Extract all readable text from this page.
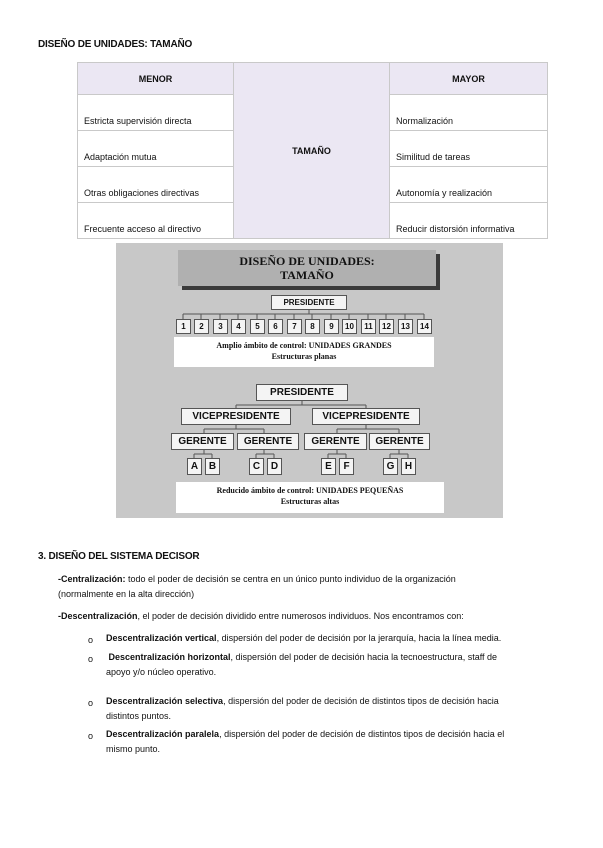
DISEÑO DE UNIDADES: TAMAÑO
MENOR	TAMAÑO	MAYOR
Estricta supervisión directa		Normalización
Adaptación mutua		Similitud de tareas
Otras obligaciones directivas		Autonomía y realización
Frecuente acceso al directivo		Reducir distorsión informativa
DISEÑO DE UNIDADES:
TAMAÑO
PRESIDENTE
1	2	3	4	5	6	7	8	9	10	11	12	13	14
Amplio ámbito de control: UNIDADES GRANDES
Estructuras planas
PRESIDENTE
VICEPRESIDENTE	VICEPRESIDENTE
GERENTE	GERENTE	GERENTE	GERENTE
A	B	C	D	E	F	G	H
Reducido ámbito de control: UNIDADES PEQUEÑAS
Estructuras altas
3. DISEÑO DEL SISTEMA DECISOR
-Centralización: todo el poder de decisión se centra en un único punto individuo de la organización
(normalmente en la alta dirección)
-Descentralización, el poder de decisión dividido entre numerosos individuos. Nos encontramos con:
o Descentralización vertical, dispersión del poder de decisión por la jerarquía, hacia la línea media.
o Descentralización horizontal, dispersión del poder de decisión hacia la tecnoestructura, staff de
apoyo y/o núcleo operativo.
o Descentralización selectiva, dispersión del poder de decisión de distintos tipos de decisión hacia
distintos puntos.
o Descentralización paralela, dispersión del poder de decisión de distintos tipos de decisión hacia el
mismo punto.
